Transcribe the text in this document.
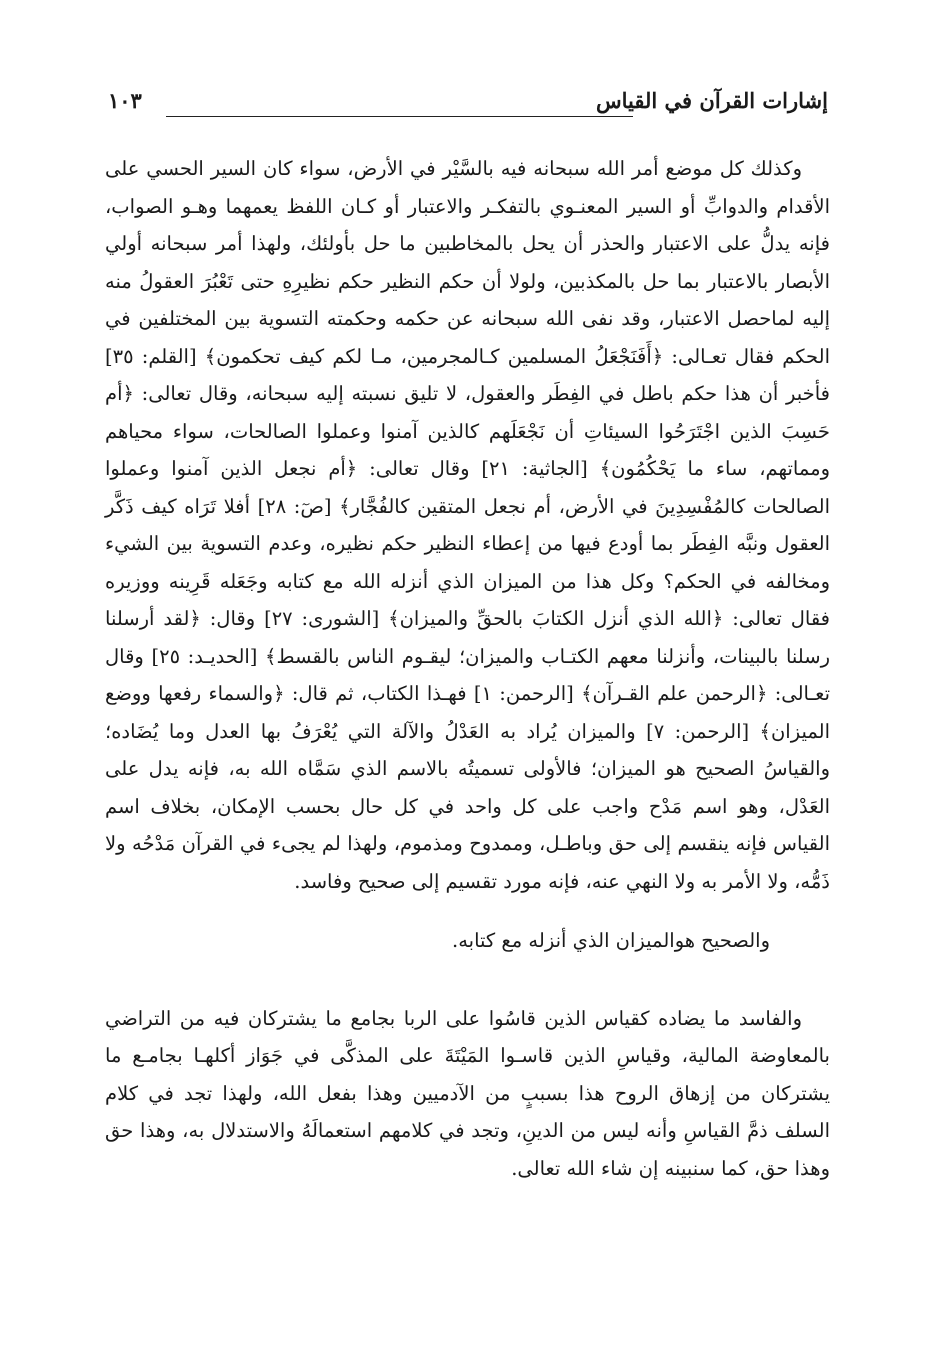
إشارات القرآن في القياس
١٠٣

وكذلك كل موضع أمر الله سبحانه فيه بالسَّيْر في الأرض، سواء كان السير الحسي على الأقدام والدوابِّ أو السير المعنـوي بالتفكـر والاعتبار أو كـان اللفظ يعمهما وهـو الصواب، فإنه يدلُّ على الاعتبار والحذر أن يحل بالمخاطبين ما حل بأولئك، ولهذا أمر سبحانه أولي الأبصار بالاعتبار بما حل بالمكذبين، ولولا أن حكم النظير حكم نظيرِهِ حتى تَعْبُرَ العقولُ منه إليه لماحصل الاعتبار، وقد نفى الله سبحانه عن حكمه وحكمته التسوية بين المختلفين في الحكم فقال تعـالى: ﴿أَفَنَجْعَلُ المسلمين كـالمجرمين، مـا لكم كيف تحكمون﴾ [القلم: ٣٥] فأخبر أن هذا حكم باطل في الفِطَر والعقول، لا تليق نسبته إليه سبحانه، وقال تعالى: ﴿أم حَسِبَ الذين اجْتَرَحُوا السيئاتِ أن نَجْعَلَهم كالذين آمنوا وعملوا الصالحات، سواء محياهم ومماتهم، ساء ما يَحْكُمُون﴾ [الجاثية: ٢١] وقال تعالى: ﴿أم نجعل الذين آمنوا وعملوا الصالحات كالمُفْسِدِينَ في الأرض، أم نجعل المتقين كالفُجَّار﴾ [صٓ: ٢٨] أفلا تَرَاه كيف ذَكَّر العقول ونبَّه الفِطَر بما أودع فيها من إعطاء النظير حكم نظيره، وعدم التسوية بين الشيء ومخالفه في الحكم؟ وكل هذا من الميزان الذي أنزله الله مع كتابه وجَعَله قَرِينه ووزيره فقال تعالى: ﴿الله الذي أنزل الكتابَ بالحقِّ والميزان﴾ [الشورى: ٢٧] وقال: ﴿لقد أرسلنا رسلنا بالبينات، وأنزلنا معهم الكتـاب والميزان؛ ليقـوم الناس بالقسط﴾ [الحديـد: ٢٥] وقال تعـالى: ﴿الرحمن علم القـرآن﴾ [الرحمن: ١] فهـذا الكتاب، ثم قال: ﴿والسماء رفعها ووضع الميزان﴾ [الرحمن: ٧] والميزان يُراد به العَدْلُ والآلة التي يُعْرَفُ بها العدل وما يُضَاده؛ والقياسُ الصحيح هو الميزان؛ فالأولى تسميتُه بالاسم الذي سَمَّاه الله به، فإنه يدل على العَدْل، وهو اسم مَدْح واجب على كل واحد في كل حال بحسب الإمكان، بخلاف اسم القياس فإنه ينقسم إلى حق وباطـل، وممدوح ومذموم، ولهذا لم يجىء في القرآن مَدْحُه ولا ذَمُّه، ولا الأمر به ولا النهي عنه، فإنه مورد تقسيم إلى صحيح وفاسد.

والصحيح هوالميزان الذي أنزله مع كتابه.

والفاسد ما يضاده كقياس الذين قاسُوا على الربا بجامع ما يشتركان فيه من التراضي بالمعاوضة المالية، وقياسِ الذين قاسـوا المَيْتَةَ على المذكَّى في جَوَاز أكلهـا بجامـع ما يشتركان من إزهاق الروح هذا بسببٍ من الآدميين وهذا بفعل الله، ولهذا تجد في كلام السلف ذمَّ القياسِ وأنه ليس من الدينِ، وتجد في كلامهم استعمالَهُ والاستدلال به، وهذا حق وهذا حق، كما سنبينه إن شاء الله تعالى.
